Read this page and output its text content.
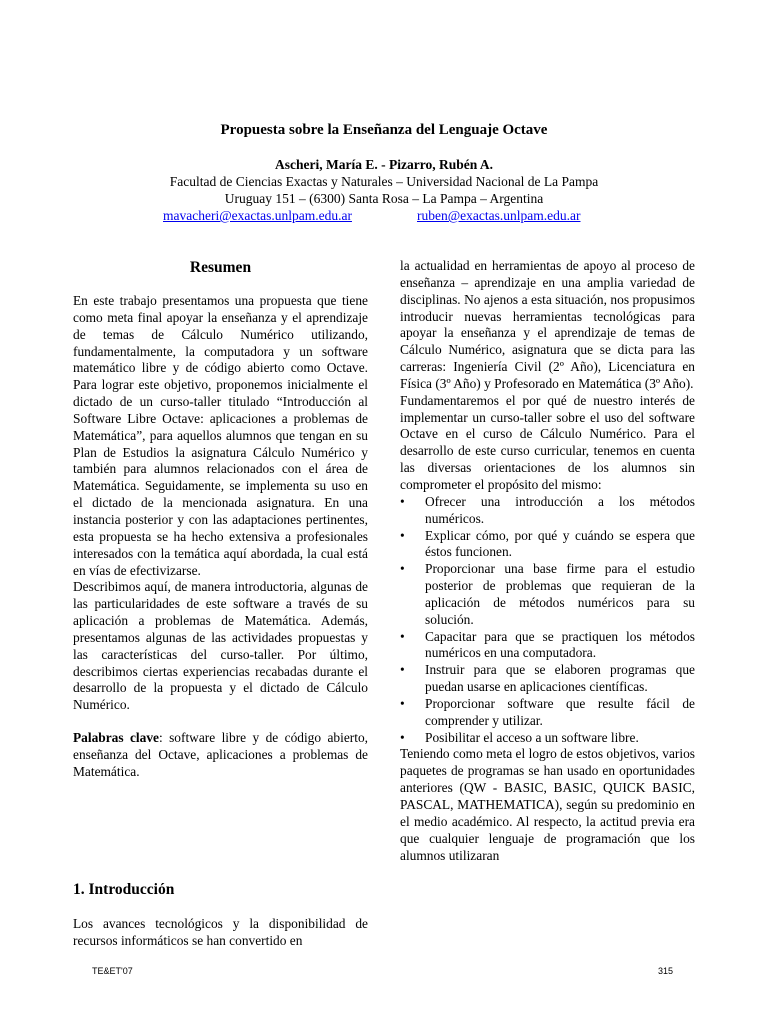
Propuesta sobre la Enseñanza del Lenguaje Octave
Ascheri, María E. - Pizarro, Rubén A.
Facultad de Ciencias Exactas y Naturales – Universidad Nacional de La Pampa
Uruguay 151 – (6300) Santa Rosa – La Pampa – Argentina
mavacheri@exactas.unlpam.edu.ar	ruben@exactas.unlpam.edu.ar
Resumen

En este trabajo presentamos una propuesta que tiene como meta final apoyar la enseñanza y el aprendizaje de temas de Cálculo Numérico utilizando, fundamentalmente, la computadora y un software matemático libre y de código abierto como Octave. Para lograr este objetivo, proponemos inicialmente el dictado de un curso-taller titulado “Introducción al Software Libre Octave: aplicaciones a problemas de Matemática”, para aquellos alumnos que tengan en su Plan de Estudios la asignatura Cálculo Numérico y también para alumnos relacionados con el área de Matemática. Seguidamente, se implementa su uso en el dictado de la mencionada asignatura. En una instancia posterior y con las adaptaciones pertinentes, esta propuesta se ha hecho extensiva a profesionales interesados con la temática aquí abordada, la cual está en vías de efectivizarse.

Describimos aquí, de manera introductoria, algunas de las particularidades de este software a través de su aplicación a problemas de Matemática. Además, presentamos algunas de las actividades propuestas y las características del curso-taller. Por último, describimos ciertas experiencias recabadas durante el desarrollo de la propuesta y el dictado de Cálculo Numérico.

Palabras clave: software libre y de código abierto, enseñanza del Octave, aplicaciones a problemas de Matemática.

1. Introducción
Los avances tecnológicos y la disponibilidad de recursos informáticos se han convertido en

la actualidad en herramientas de apoyo al proceso de enseñanza – aprendizaje en una amplia variedad de disciplinas. No ajenos a esta situación, nos propusimos introducir nuevas herramientas tecnológicas para apoyar la enseñanza y el aprendizaje de temas de Cálculo Numérico, asignatura que se dicta para las carreras: Ingeniería Civil (2º Año), Licenciatura en Física (3º Año) y Profesorado en Matemática (3º Año).

Fundamentaremos el por qué de nuestro interés de implementar un curso-taller sobre el uso del software Octave en el curso de Cálculo Numérico. Para el desarrollo de este curso curricular, tenemos en cuenta las diversas orientaciones de los alumnos sin comprometer el propósito del mismo:

• Ofrecer una introducción a los métodos numéricos.
• Explicar cómo, por qué y cuándo se espera que éstos funcionen.
• Proporcionar una base firme para el estudio posterior de problemas que requieran de la aplicación de métodos numéricos para su solución.
• Capacitar para que se practiquen los métodos numéricos en una computadora.
• Instruir para que se elaboren programas que puedan usarse en aplicaciones científicas.
• Proporcionar software que resulte fácil de comprender y utilizar.
• Posibilitar el acceso a un software libre.

Teniendo como meta el logro de estos objetivos, varios paquetes de programas se han usado en oportunidades anteriores (QW - BASIC, BASIC, QUICK BASIC, PASCAL, MATHEMATICA), según su predominio en el medio académico. Al respecto, la actitud previa era que cualquier lenguaje de programación que los alumnos utilizaran

TE&ET'07	315
